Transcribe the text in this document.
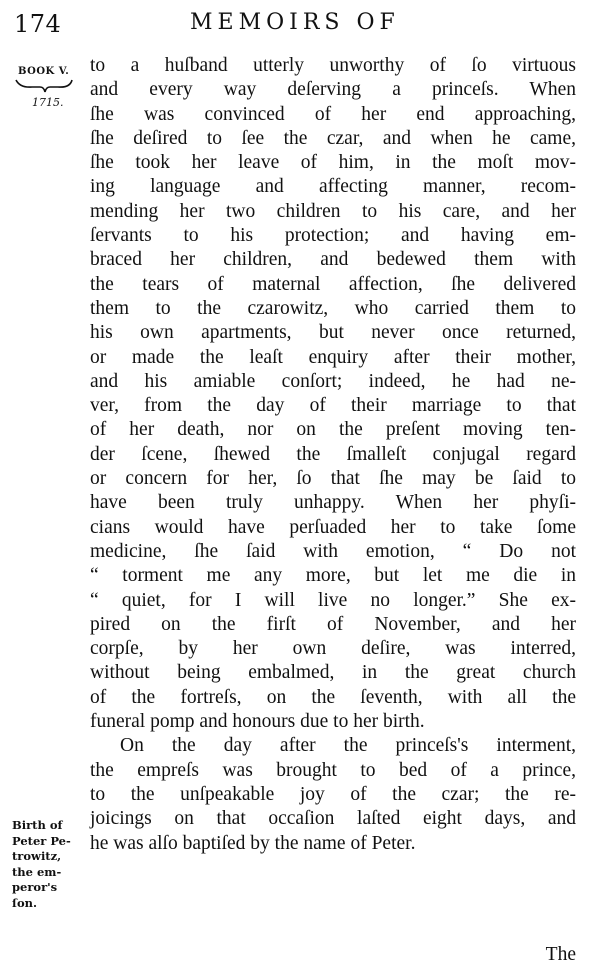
174	MEMOIRS OF
BOOK V.
1715.
Birth of
Peter Pe-
trowitz,
the em-
peror's
ſon.
to a huſband utterly unworthy of ſo virtuous
and every way deſerving a princeſs. When
ſhe was convinced of her end approaching,
ſhe deſired to ſee the czar, and when he came,
ſhe took her leave of him, in the moſt mov-
ing language and affecting manner, recom-
mending her two children to his care, and her
ſervants to his protection; and having em-
braced her children, and bedewed them with
the tears of maternal affection, ſhe delivered
them to the czarowitz, who carried them to
his own apartments, but never once returned,
or made the leaſt enquiry after their mother,
and his amiable conſort; indeed, he had ne-
ver, from the day of their marriage to that
of her death, nor on the preſent moving ten-
der ſcene, ſhewed the ſmalleſt conjugal regard
or concern for her, ſo that ſhe may be ſaid to
have been truly unhappy. When her phyſi-
cians would have perſuaded her to take ſome
medicine, ſhe ſaid with emotion, “ Do not
“ torment me any more, but let me die in
“ quiet, for I will live no longer.” She ex-
pired on the firſt of November, and her
corpſe, by her own deſire, was interred,
without being embalmed, in the great church
of the fortreſs, on the ſeventh, with all the
funeral pomp and honours due to her birth.
On the day after the princeſs's interment,
the empreſs was brought to bed of a prince,
to the unſpeakable joy of the czar; the re-
joicings on that occaſion laſted eight days, and
he was alſo baptiſed by the name of Peter.
The
